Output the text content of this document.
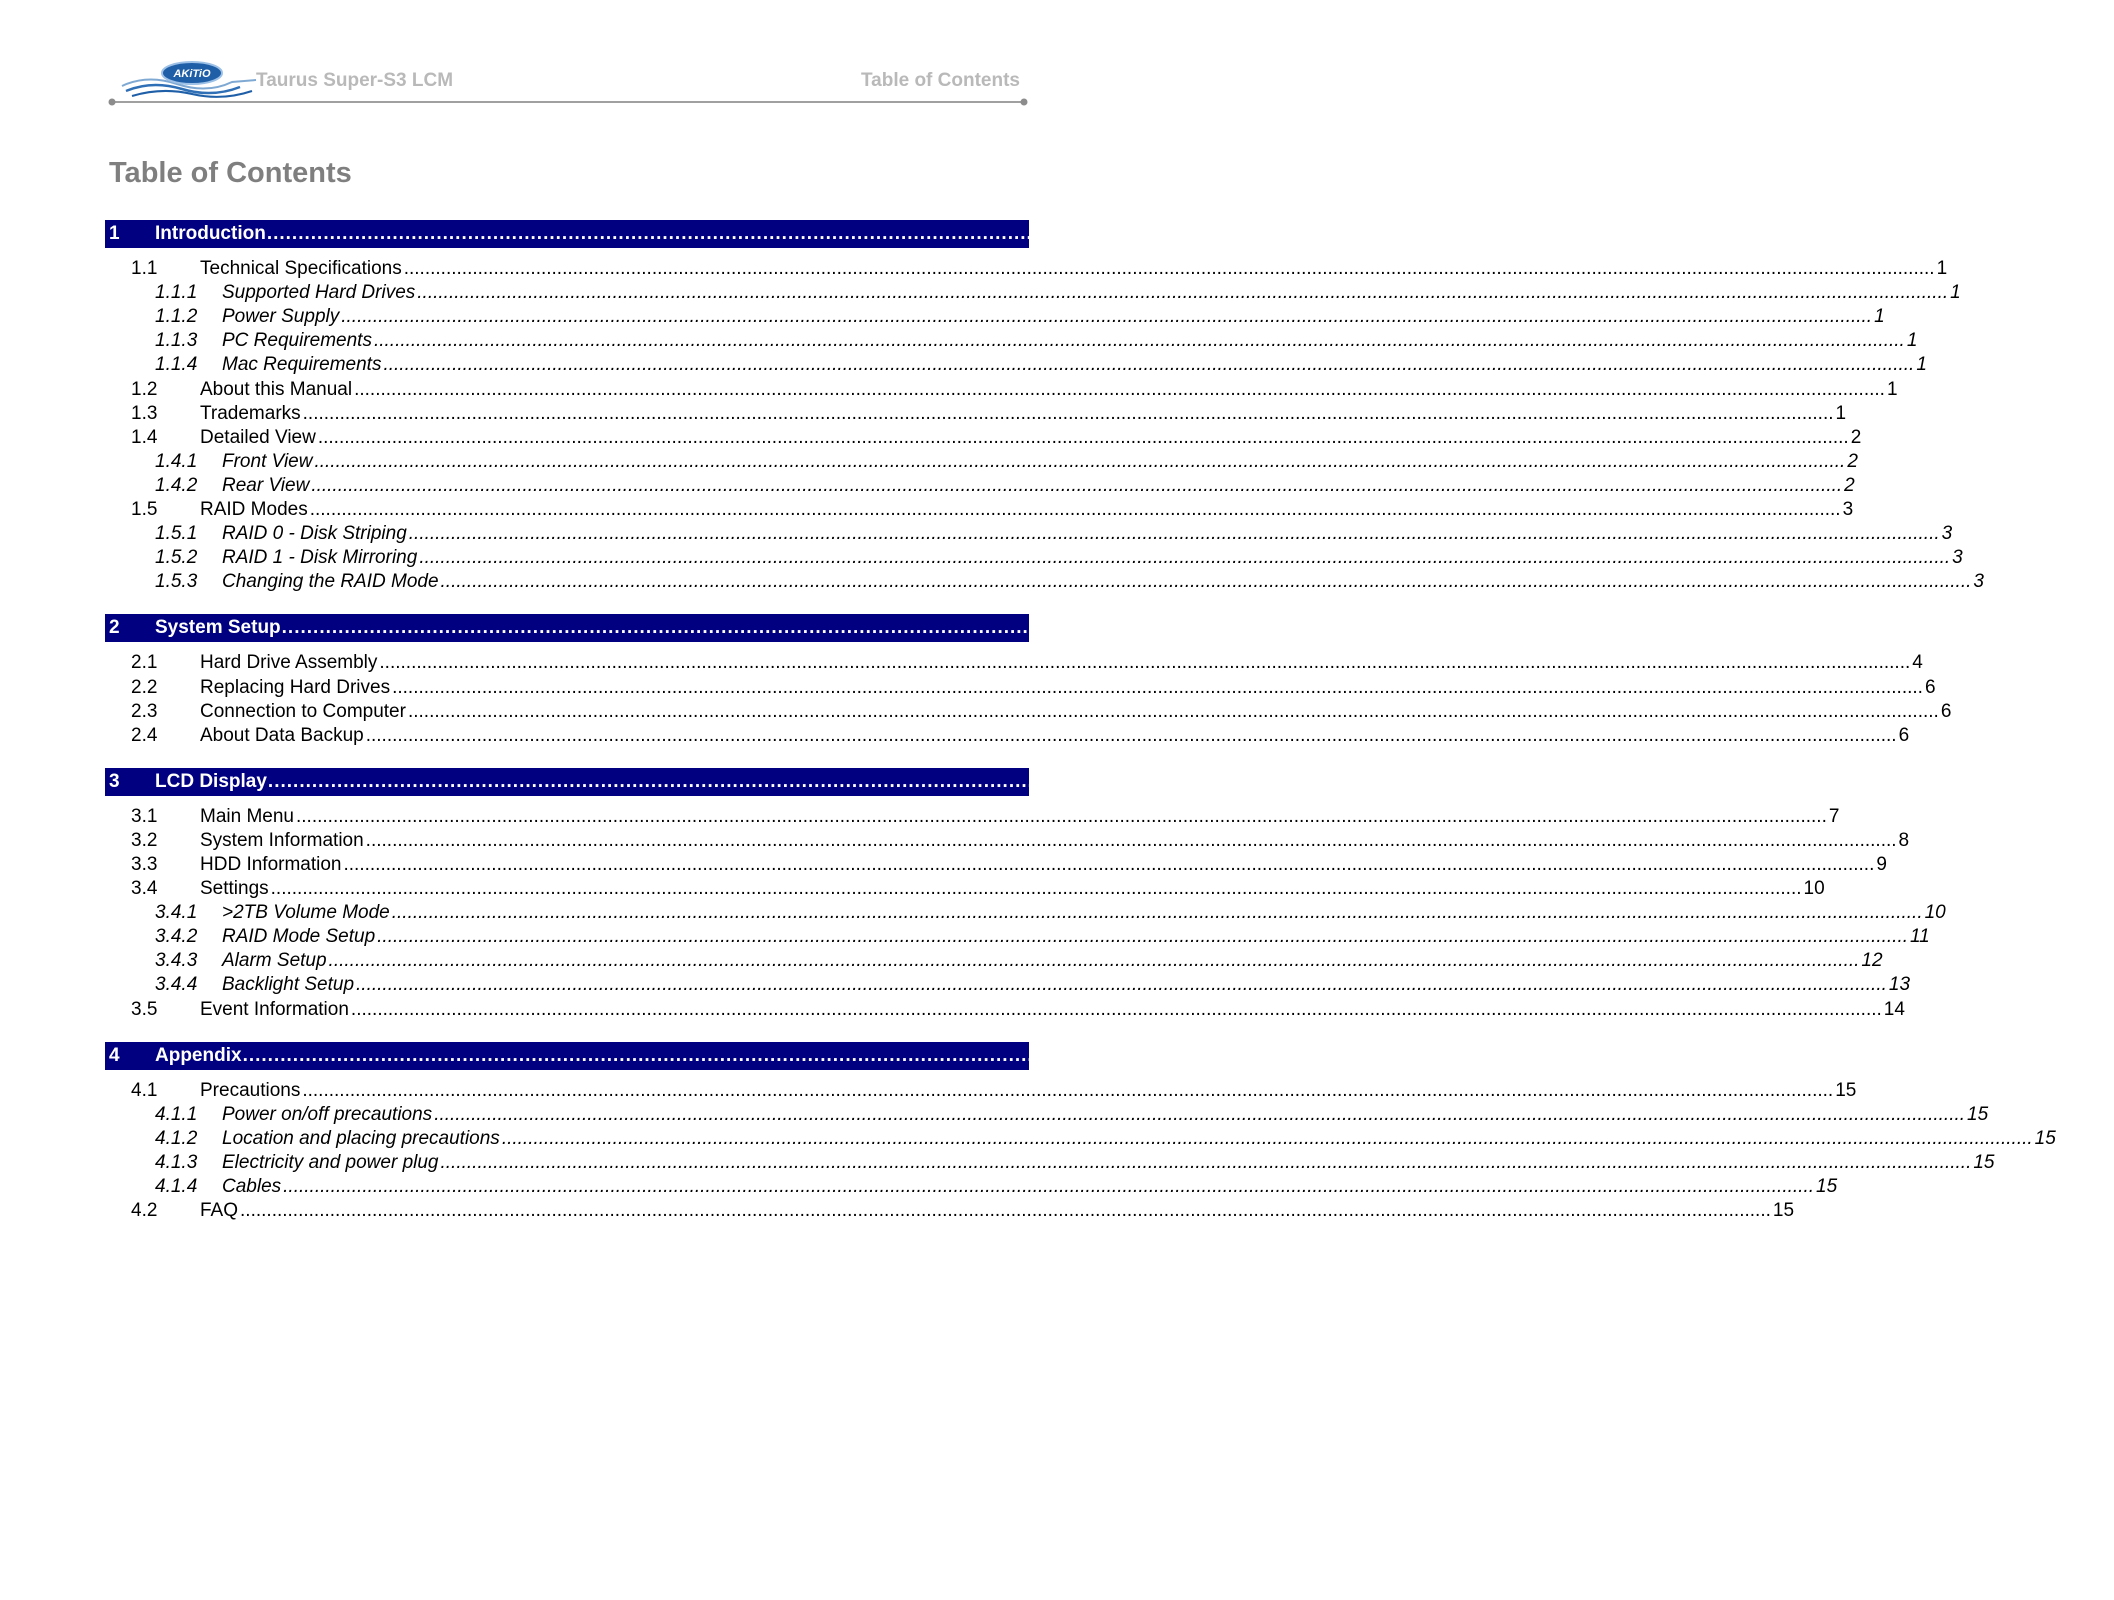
AKiTiO Taurus Super-S3 LCM	Table of Contents
Table of Contents
1	Introduction .................................................................................................................................................................................................................................................................................................. 1
1.1	Technical Specifications .................................................................................................................................................................................................................................................................................................. 1
1.1.1	Supported Hard Drives .................................................................................................................................................................................................................................................................................................. 1
1.1.2	Power Supply .................................................................................................................................................................................................................................................................................................. 1
1.1.3	PC Requirements .................................................................................................................................................................................................................................................................................................. 1
1.1.4	Mac Requirements .................................................................................................................................................................................................................................................................................................. 1
1.2	About this Manual .................................................................................................................................................................................................................................................................................................. 1
1.3	Trademarks .................................................................................................................................................................................................................................................................................................. 1
1.4	Detailed View .................................................................................................................................................................................................................................................................................................. 2
1.4.1	Front View .................................................................................................................................................................................................................................................................................................. 2
1.4.2	Rear View .................................................................................................................................................................................................................................................................................................. 2
1.5	RAID Modes .................................................................................................................................................................................................................................................................................................. 3
1.5.1	RAID 0 - Disk Striping .................................................................................................................................................................................................................................................................................................. 3
1.5.2	RAID 1 - Disk Mirroring .................................................................................................................................................................................................................................................................................................. 3
1.5.3	Changing the RAID Mode .................................................................................................................................................................................................................................................................................................. 3
2	System Setup .................................................................................................................................................................................................................................................................................................. 4
2.1	Hard Drive Assembly .................................................................................................................................................................................................................................................................................................. 4
2.2	Replacing Hard Drives .................................................................................................................................................................................................................................................................................................. 6
2.3	Connection to Computer .................................................................................................................................................................................................................................................................................................. 6
2.4	About Data Backup .................................................................................................................................................................................................................................................................................................. 6
3	LCD Display .................................................................................................................................................................................................................................................................................................. 7
3.1	Main Menu .................................................................................................................................................................................................................................................................................................. 7
3.2	System Information .................................................................................................................................................................................................................................................................................................. 8
3.3	HDD Information .................................................................................................................................................................................................................................................................................................. 9
3.4	Settings .................................................................................................................................................................................................................................................................................................. 10
3.4.1	>2TB Volume Mode .................................................................................................................................................................................................................................................................................................. 10
3.4.2	RAID Mode Setup .................................................................................................................................................................................................................................................................................................. 11
3.4.3	Alarm Setup .................................................................................................................................................................................................................................................................................................. 12
3.4.4	Backlight Setup .................................................................................................................................................................................................................................................................................................. 13
3.5	Event Information .................................................................................................................................................................................................................................................................................................. 14
4	Appendix .................................................................................................................................................................................................................................................................................................. 15
4.1	Precautions .................................................................................................................................................................................................................................................................................................. 15
4.1.1	Power on/off precautions .................................................................................................................................................................................................................................................................................................. 15
4.1.2	Location and placing precautions .................................................................................................................................................................................................................................................................................................. 15
4.1.3	Electricity and power plug .................................................................................................................................................................................................................................................................................................. 15
4.1.4	Cables .................................................................................................................................................................................................................................................................................................. 15
4.2	FAQ .................................................................................................................................................................................................................................................................................................. 15
